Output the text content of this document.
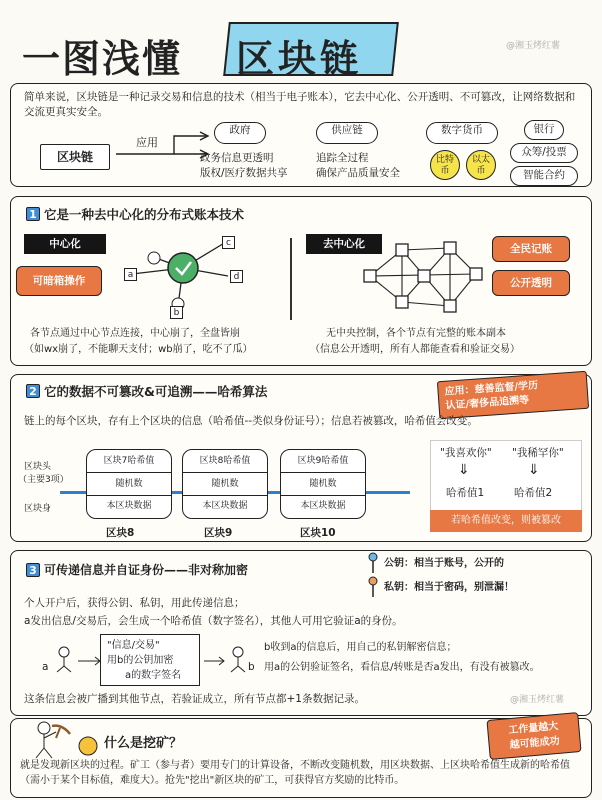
一图浅懂 区块链	@湘玉烤红薯
简单来说，区块链是一种记录交易和信息的技术（相当于电子账本），它去中心化、公开透明、不可篡改，让网络数据和交流更真实安全。
区块链
应用
政府
政务信息更透明
版权/医疗数据共享
供应链
追踪全过程
确保产品质量安全
数字货币
比特币
以太币
银行
众筹/投票
智能合约
1 它是一种去中心化的分布式账本技术
中心化
可暗箱操作	a
c
d
b
去中心化	全民记账
公开透明
各节点通过中心节点连接，中心崩了，全盘皆崩
（如wx崩了，不能聊天支付；wb崩了，吃不了瓜）
无中央控制，各个节点有完整的账本副本
（信息公开透明，所有人都能查看和验证交易）
2 它的数据不可篡改&可追溯——哈希算法	应用：慈善监督/学历
认证/奢侈品追溯等
链上的每个区块，存有上个区块的信息（哈希值--类似身份证号）；信息若被篡改，哈希值会改变。
区块头
（主要3项）
区块身
区块7哈希值
随机数
本区块数据
区块8
区块8哈希值
随机数
本区块数据
区块9
区块9哈希值
随机数
本区块数据
区块10
"我喜欢你" "我稀罕你"
⇓	⇓
哈希值1	哈希值2
若哈希值改变，则被篡改
3 可传递信息并自证身份——非对称加密	公钥：相当于账号，公开的
私钥：相当于密码，别泄漏！
个人开户后，获得公钥、私钥，用此传递信息；
a发出信息/交易后，会生成一个哈希值（数字签名），其他人可用它验证a的身份。
a
"信息/交易"
用b的公钥加密
a的数字签名
b
b收到a的信息后，用自己的私钥解密信息；
用a的公钥验证签名，看信息/转账是否a发出，有没有被篡改。
这条信息会被广播到其他节点，若验证成立，所有节点都+1条数据记录。	@湘玉烤红薯
什么是挖矿？
工作量越大
越可能成功
就是发现新区块的过程。矿工（参与者）要用专门的计算设备，不断改变随机数，用区块数据、上区块哈希值生成新的哈希值（需小于某个目标值，难度大）。抢先"挖出"新区块的矿工，可获得官方奖励的比特币。
